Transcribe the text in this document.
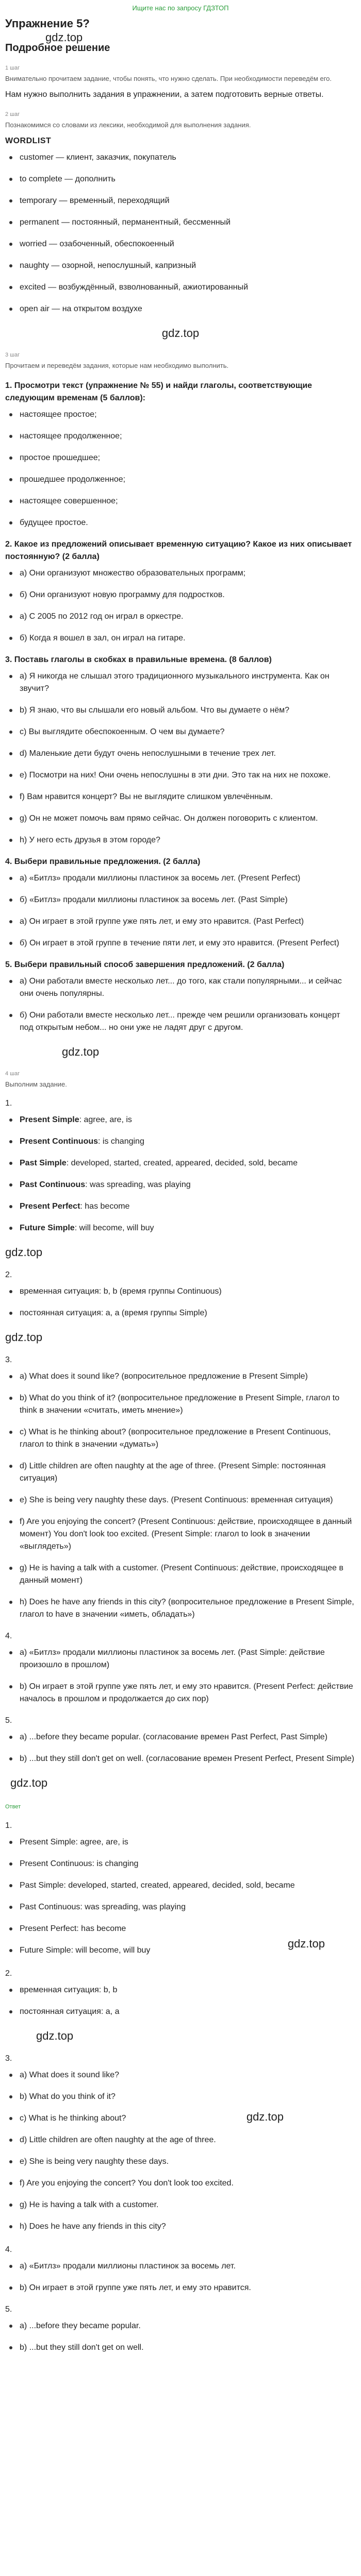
Ищите нас по запросу ГДЗТОП
Упражнение 5?
gdz.top
Подробное решение
1 шаг
Внимательно прочитаем задание, чтобы понять, что нужно сделать. При необходимости переведём его.

Нам нужно выполнить задания в упражнении, а затем подготовить верные ответы.

2 шаг
Познакомимся со словами из лексики, необходимой для выполнения задания.
WORDLIST
customer — клиент, заказчик, покупатель
to complete — дополнить
temporary — временный, переходящий
permanent — постоянный, перманентный, бессменный
worried — озабоченный, обеспокоенный
naughty — озорной, непослушный, капризный
excited — возбуждённый, взволнованный, ажиотированный
open air — на открытом воздухе
gdz.top
3 шаг
Прочитаем и переведём задания, которые нам необходимо выполнить.
1. Просмотри текст (упражнение № 55) и найди глаголы, соответствующие следующим временам (5 баллов):
настоящее простое;
настоящее продолженное;
простое прошедшее;
прошедшее продолженное;
настоящее совершенное;
будущее простое.
2. Какое из предложений описывает временную ситуацию? Какое из них описывает постоянную? (2 балла)
а) Они организуют множество образовательных программ;
б) Они организуют новую программу для подростков.
а) С 2005 по 2012 год он играл в оркестре.
б) Когда я вошел в зал, он играл на гитаре.
3. Поставь глаголы в скобках в правильные времена. (8 баллов)
a) Я никогда не слышал этого традиционного музыкального инструмента. Как он звучит?
b) Я знаю, что вы слышали его новый альбом. Что вы думаете о нём?
c) Вы выглядите обеспокоенным. О чем вы думаете?
d) Маленькие дети будут очень непослушными в течение трех лет.
e) Посмотри на них! Они очень непослушны в эти дни. Это так на них не похоже.
f) Вам нравится концерт? Вы не выглядите слишком увлечённым.
g) Он не может помочь вам прямо сейчас. Он должен поговорить с клиентом.
h) У него есть друзья в этом городе?
4. Выбери правильные предложения. (2 балла)
а) «Битлз» продали миллионы пластинок за восемь лет. (Present Perfect)
б) «Битлз» продали миллионы пластинок за восемь лет. (Past Simple)
а) Он играет в этой группе уже пять лет, и ему это нравится. (Past Perfect)
б) Он играет в этой группе в течение пяти лет, и ему это нравится. (Present Perfect)
5. Выбери правильный способ завершения предложений. (2 балла)
а) Они работали вместе несколько лет... до того, как стали популярными... и сейчас они очень популярны.
б) Они работали вместе несколько лет... прежде чем решили организовать концерт под открытым небом... но они уже не ладят друг с другом.
gdz.top
4 шаг
Выполним задание.
1.
Present Simple: agree, are, is
Present Continuous: is changing
Past Simple: developed, started, created, appeared, decided, sold, became
Past Continuous: was spreading, was playing
Present Perfect: has become
Future Simple: will become, will buy
gdz.top
2.
временная ситуация: b, b (время группы Continuous)
постоянная ситуация: a, a (время группы Simple)
gdz.top
3.
a) What does it sound like? (вопросительное предложение в Present Simple)
b) What do you think of it? (вопросительное предложение в Present Simple, глагол to think в значении «считать, иметь мнение»)
c) What is he thinking about? (вопросительное предложение в Present Continuous, глагол to think в значении «думать»)
d) Little children are often naughty at the age of three. (Present Simple: постоянная ситуация)
e) She is being very naughty these days. (Present Continuous: временная ситуация)
f) Are you enjoying the concert? (Present Continuous: действие, происходящее в данный момент) You don't look too excited. (Present Simple: глагол to look в значении «выглядеть»)
g) He is having a talk with a customer. (Present Continuous: действие, происходящее в данный момент)
h) Does he have any friends in this city? (вопросительное предложение в Present Simple, глагол to have в значении «иметь, обладать»)
4.
а) «Битлз» продали миллионы пластинок за восемь лет. (Past Simple: действие произошло в прошлом)
b) Он играет в этой группе уже пять лет, и ему это нравится. (Present Perfect: действие началось в прошлом и продолжается до сих пор)
5.
a) ...before they became popular. (согласование времен Past Perfect, Past Simple)
b) ...but they still don't get on well. (согласование времен Present Perfect, Present Simple)
gdz.top
Ответ
1.
Present Simple: agree, are, is
Present Continuous: is changing
Past Simple: developed, started, created, appeared, decided, sold, became
Past Continuous: was spreading, was playing
Present Perfect: has become
Future Simple: will become, will buy
gdz.top
2.
временная ситуация: b, b
постоянная ситуация: a, a
gdz.top
3.
a) What does it sound like?
b) What do you think of it?
c) What is he thinking about?
d) Little children are often naughty at the age of three.
e) She is being very naughty these days.
f) Are you enjoying the concert? You don't look too excited.
g) He is having a talk with a customer.
h) Does he have any friends in this city?
gdz.top
4.
a) «Битлз» продали миллионы пластинок за восемь лет.
b) Он играет в этой группе уже пять лет, и ему это нравится.
5.
a) ...before they became popular.
b) ...but they still don't get on well.
